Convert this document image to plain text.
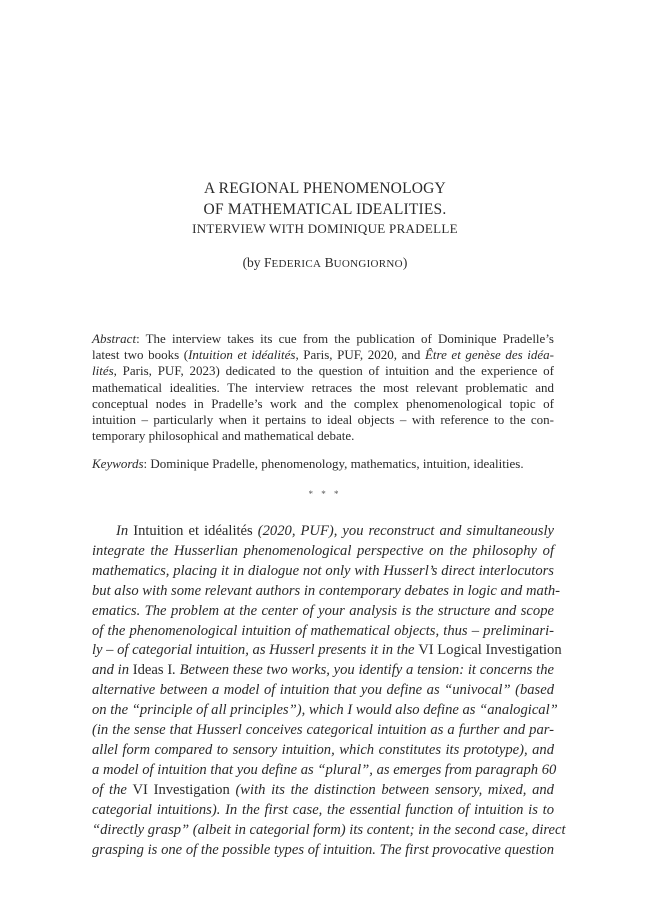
A REGIONAL PHENOMENOLOGY
OF MATHEMATICAL IDEALITIES.
INTERVIEW WITH DOMINIQUE PRADELLE
(by FEDERICA BUONGIORNO)
Abstract: The interview takes its cue from the publication of Dominique Pradelle’s
latest two books (Intuition et idéalités, Paris, PUF, 2020, and Être et genèse des idéa-
lités, Paris, PUF, 2023) dedicated to the question of intuition and the experience of
mathematical idealities. The interview retraces the most relevant problematic and
conceptual nodes in Pradelle’s work and the complex phenomenological topic of
intuition – particularly when it pertains to ideal objects – with reference to the con-
temporary philosophical and mathematical debate.
Keywords: Dominique Pradelle, phenomenology, mathematics, intuition, idealities.
* * *
In Intuition et idéalités (2020, PUF), you reconstruct and simultaneously
integrate the Husserlian phenomenological perspective on the philosophy of
mathematics, placing it in dialogue not only with Husserl’s direct interlocutors
but also with some relevant authors in contemporary debates in logic and math-
ematics. The problem at the center of your analysis is the structure and scope
of the phenomenological intuition of mathematical objects, thus – preliminari-
ly – of categorial intuition, as Husserl presents it in the VI Logical Investigation
and in Ideas I. Between these two works, you identify a tension: it concerns the
alternative between a model of intuition that you define as “univocal” (based
on the “principle of all principles”), which I would also define as “analogical”
(in the sense that Husserl conceives categorical intuition as a further and par-
allel form compared to sensory intuition, which constitutes its prototype), and
a model of intuition that you define as “plural”, as emerges from paragraph 60
of the VI Investigation (with its the distinction between sensory, mixed, and
categorial intuitions). In the first case, the essential function of intuition is to
“directly grasp” (albeit in categorial form) its content; in the second case, direct
grasping is one of the possible types of intuition. The first provocative question
